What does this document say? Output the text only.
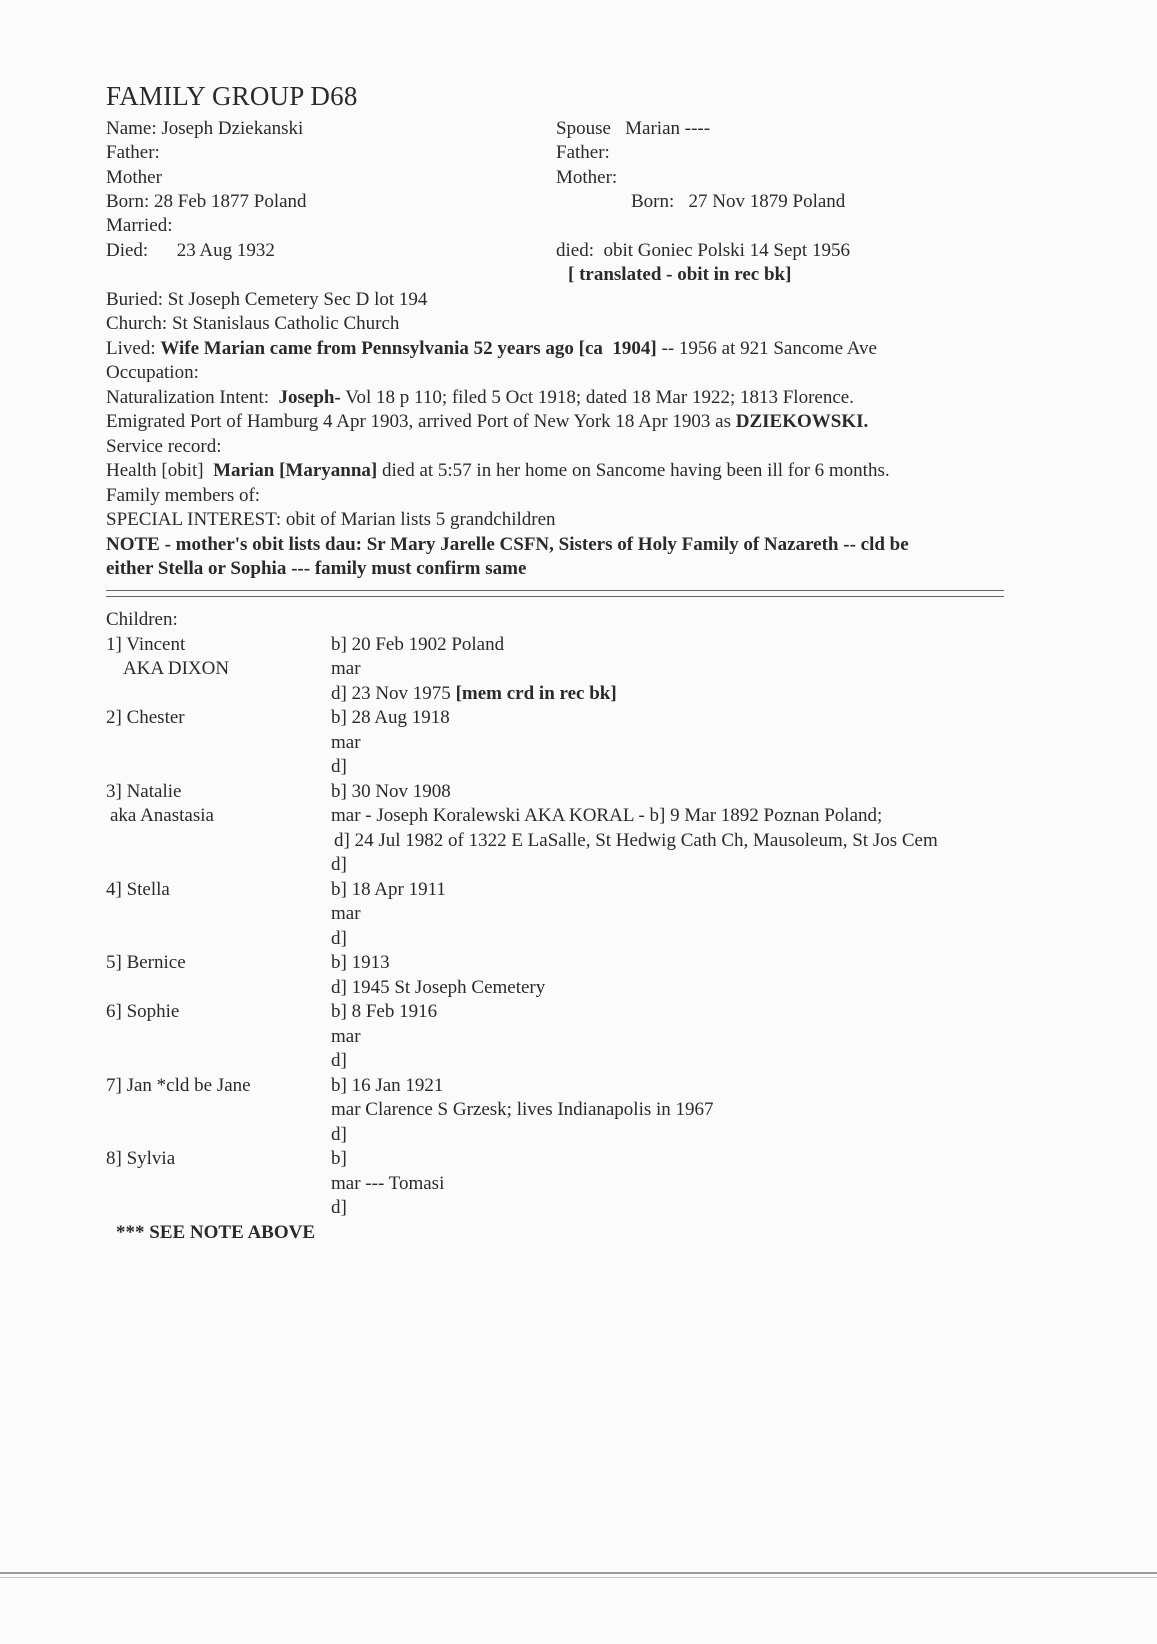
FAMILY GROUP D68
Name: Joseph Dziekanski
Father:
Mother
Born: 28 Feb 1877 Poland
Married:
Died:      23 Aug 1932
Spouse   Marian ----
Father:
Mother:
Born:   27 Nov 1879 Poland
died:  obit Goniec Polski 14 Sept 1956
[ translated - obit in rec bk]
Buried: St Joseph Cemetery Sec D lot 194
Church: St Stanislaus Catholic Church
Lived: Wife Marian came from Pennsylvania 52 years ago [ca  1904] -- 1956 at 921 Sancome Ave
Occupation:
Naturalization Intent:  Joseph- Vol 18 p 110; filed 5 Oct 1918; dated 18 Mar 1922; 1813 Florence.
Emigrated Port of Hamburg 4 Apr 1903, arrived Port of New York 18 Apr 1903 as DZIEKOWSKI.
Service record:
Health [obit]  Marian [Maryanna] died at 5:57 in her home on Sancome having been ill for 6 months.
Family members of:
SPECIAL INTEREST: obit of Marian lists 5 grandchildren
NOTE - mother's obit lists dau: Sr Mary Jarelle CSFN, Sisters of Holy Family of Nazareth -- cld be
either Stella or Sophia --- family must confirm same
Children:
1] Vincent
AKA DIXON
2] Chester
3] Natalie
aka Anastasia
4] Stella
5] Bernice
6] Sophie
7] Jan *cld be Jane
8] Sylvia
b] 20 Feb 1902 Poland
mar
d] 23 Nov 1975 [mem crd in rec bk]
b] 28 Aug 1918
mar
d]
b] 30 Nov 1908
mar - Joseph Koralewski AKA KORAL - b] 9 Mar 1892 Poznan Poland;
d] 24 Jul 1982 of 1322 E LaSalle, St Hedwig Cath Ch, Mausoleum, St Jos Cem
d]
b] 18 Apr 1911
mar
d]
b] 1913
d] 1945 St Joseph Cemetery
b] 8 Feb 1916
mar
d]
b] 16 Jan 1921
mar Clarence S Grzesk; lives Indianapolis in 1967
d]
b]
mar --- Tomasi
d]
*** SEE NOTE ABOVE
